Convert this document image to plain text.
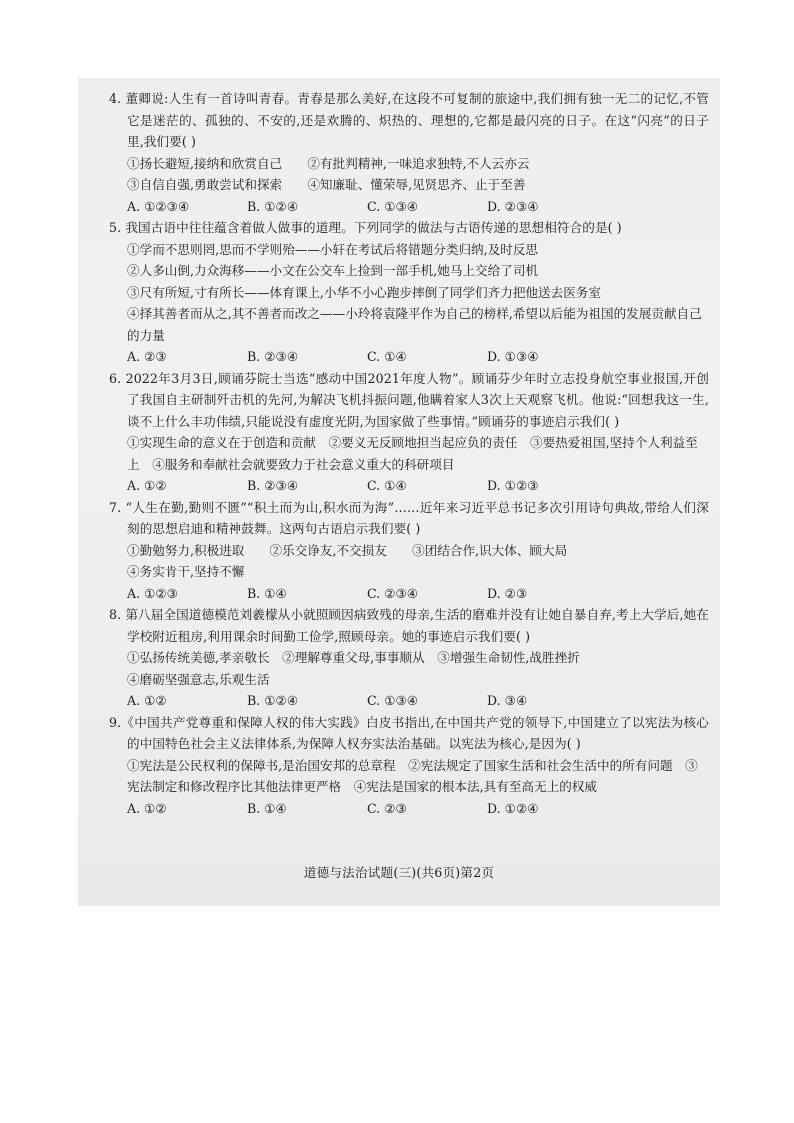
4. 董卿说:人生有一首诗叫青春。青春是那么美好,在这段不可复制的旅途中,我们拥有独一无二的记忆,不管它是迷茫的、孤独的、不安的,还是欢腾的、炽热的、理想的,它都是最闪亮的日子。在这“闪亮”的日子里,我们要( )

①扬长避短,接纳和欣赏自己　　②有批判精神,一味追求独特,不人云亦云
③自信自强,勇敢尝试和探索　　④知廉耻、懂荣辱,见贤思齐、止于至善
A. ①②③④	B. ①②④	C. ①③④	D. ②③④

5. 我国古语中往往蕴含着做人做事的道理。下列同学的做法与古语传递的思想相符合的是( )

①学而不思则罔,思而不学则殆——小轩在考试后将错题分类归纳,及时反思
②人多山倒,力众海移——小文在公交车上捡到一部手机,她马上交给了司机
③尺有所短,寸有所长——体育课上,小华不小心跑步摔倒了同学们齐力把他送去医务室
④择其善者而从之,其不善者而改之——小玲将袁隆平作为自己的榜样,希望以后能为祖国的发展贡献自己的力量
A. ②③	B. ②③④	C. ①④	D. ①③④

6. 2022年3月3日,顾诵芬院士当选“感动中国2021年度人物”。顾诵芬少年时立志投身航空事业报国,开创了我国自主研制歼击机的先河,为解决飞机抖振问题,他瞒着家人3次上天观察飞机。他说:“回想我这一生,谈不上什么丰功伟绩,只能说没有虚度光阴,为国家做了些事情。”顾诵芬的事迹启示我们( )

①实现生命的意义在于创造和贡献　②要义无反顾地担当起应负的责任　③要热爱祖国,坚持个人利益至上　④服务和奉献社会就要致力于社会意义重大的科研项目
A. ①②	B. ②③④	C. ①④	D. ①②③

7. “人生在勤,勤则不匮”“积土而为山,积水而为海”……近年来习近平总书记多次引用诗句典故,带给人们深刻的思想启迪和精神鼓舞。这两句古语启示我们要( )

①勤勉努力,积极进取　　②乐交诤友,不交损友　　③团结合作,识大体、顾大局
④务实肯干,坚持不懈
A. ①②③	B. ①④	C. ②③④	D. ②③

8. 第八届全国道德模范刘羲檬从小就照顾因病致残的母亲,生活的磨难并没有让她自暴自弃,考上大学后,她在学校附近租房,利用课余时间勤工俭学,照顾母亲。她的事迹启示我们要( )

①弘扬传统美德,孝亲敬长　②理解尊重父母,事事顺从　③增强生命韧性,战胜挫折
④磨砺坚强意志,乐观生活
A. ①②	B. ①②④	C. ①③④	D. ③④

9.《中国共产党尊重和保障人权的伟大实践》白皮书指出,在中国共产党的领导下,中国建立了以宪法为核心的中国特色社会主义法律体系,为保障人权夯实法治基础。以宪法为核心,是因为( )

①宪法是公民权利的保障书,是治国安邦的总章程　②宪法规定了国家生活和社会生活中的所有问题　③宪法制定和修改程序比其他法律更严格　④宪法是国家的根本法,具有至高无上的权威
A. ①②	B. ①④	C. ②③	D. ①②④
道德与法治试题(三)(共6页)第2页
